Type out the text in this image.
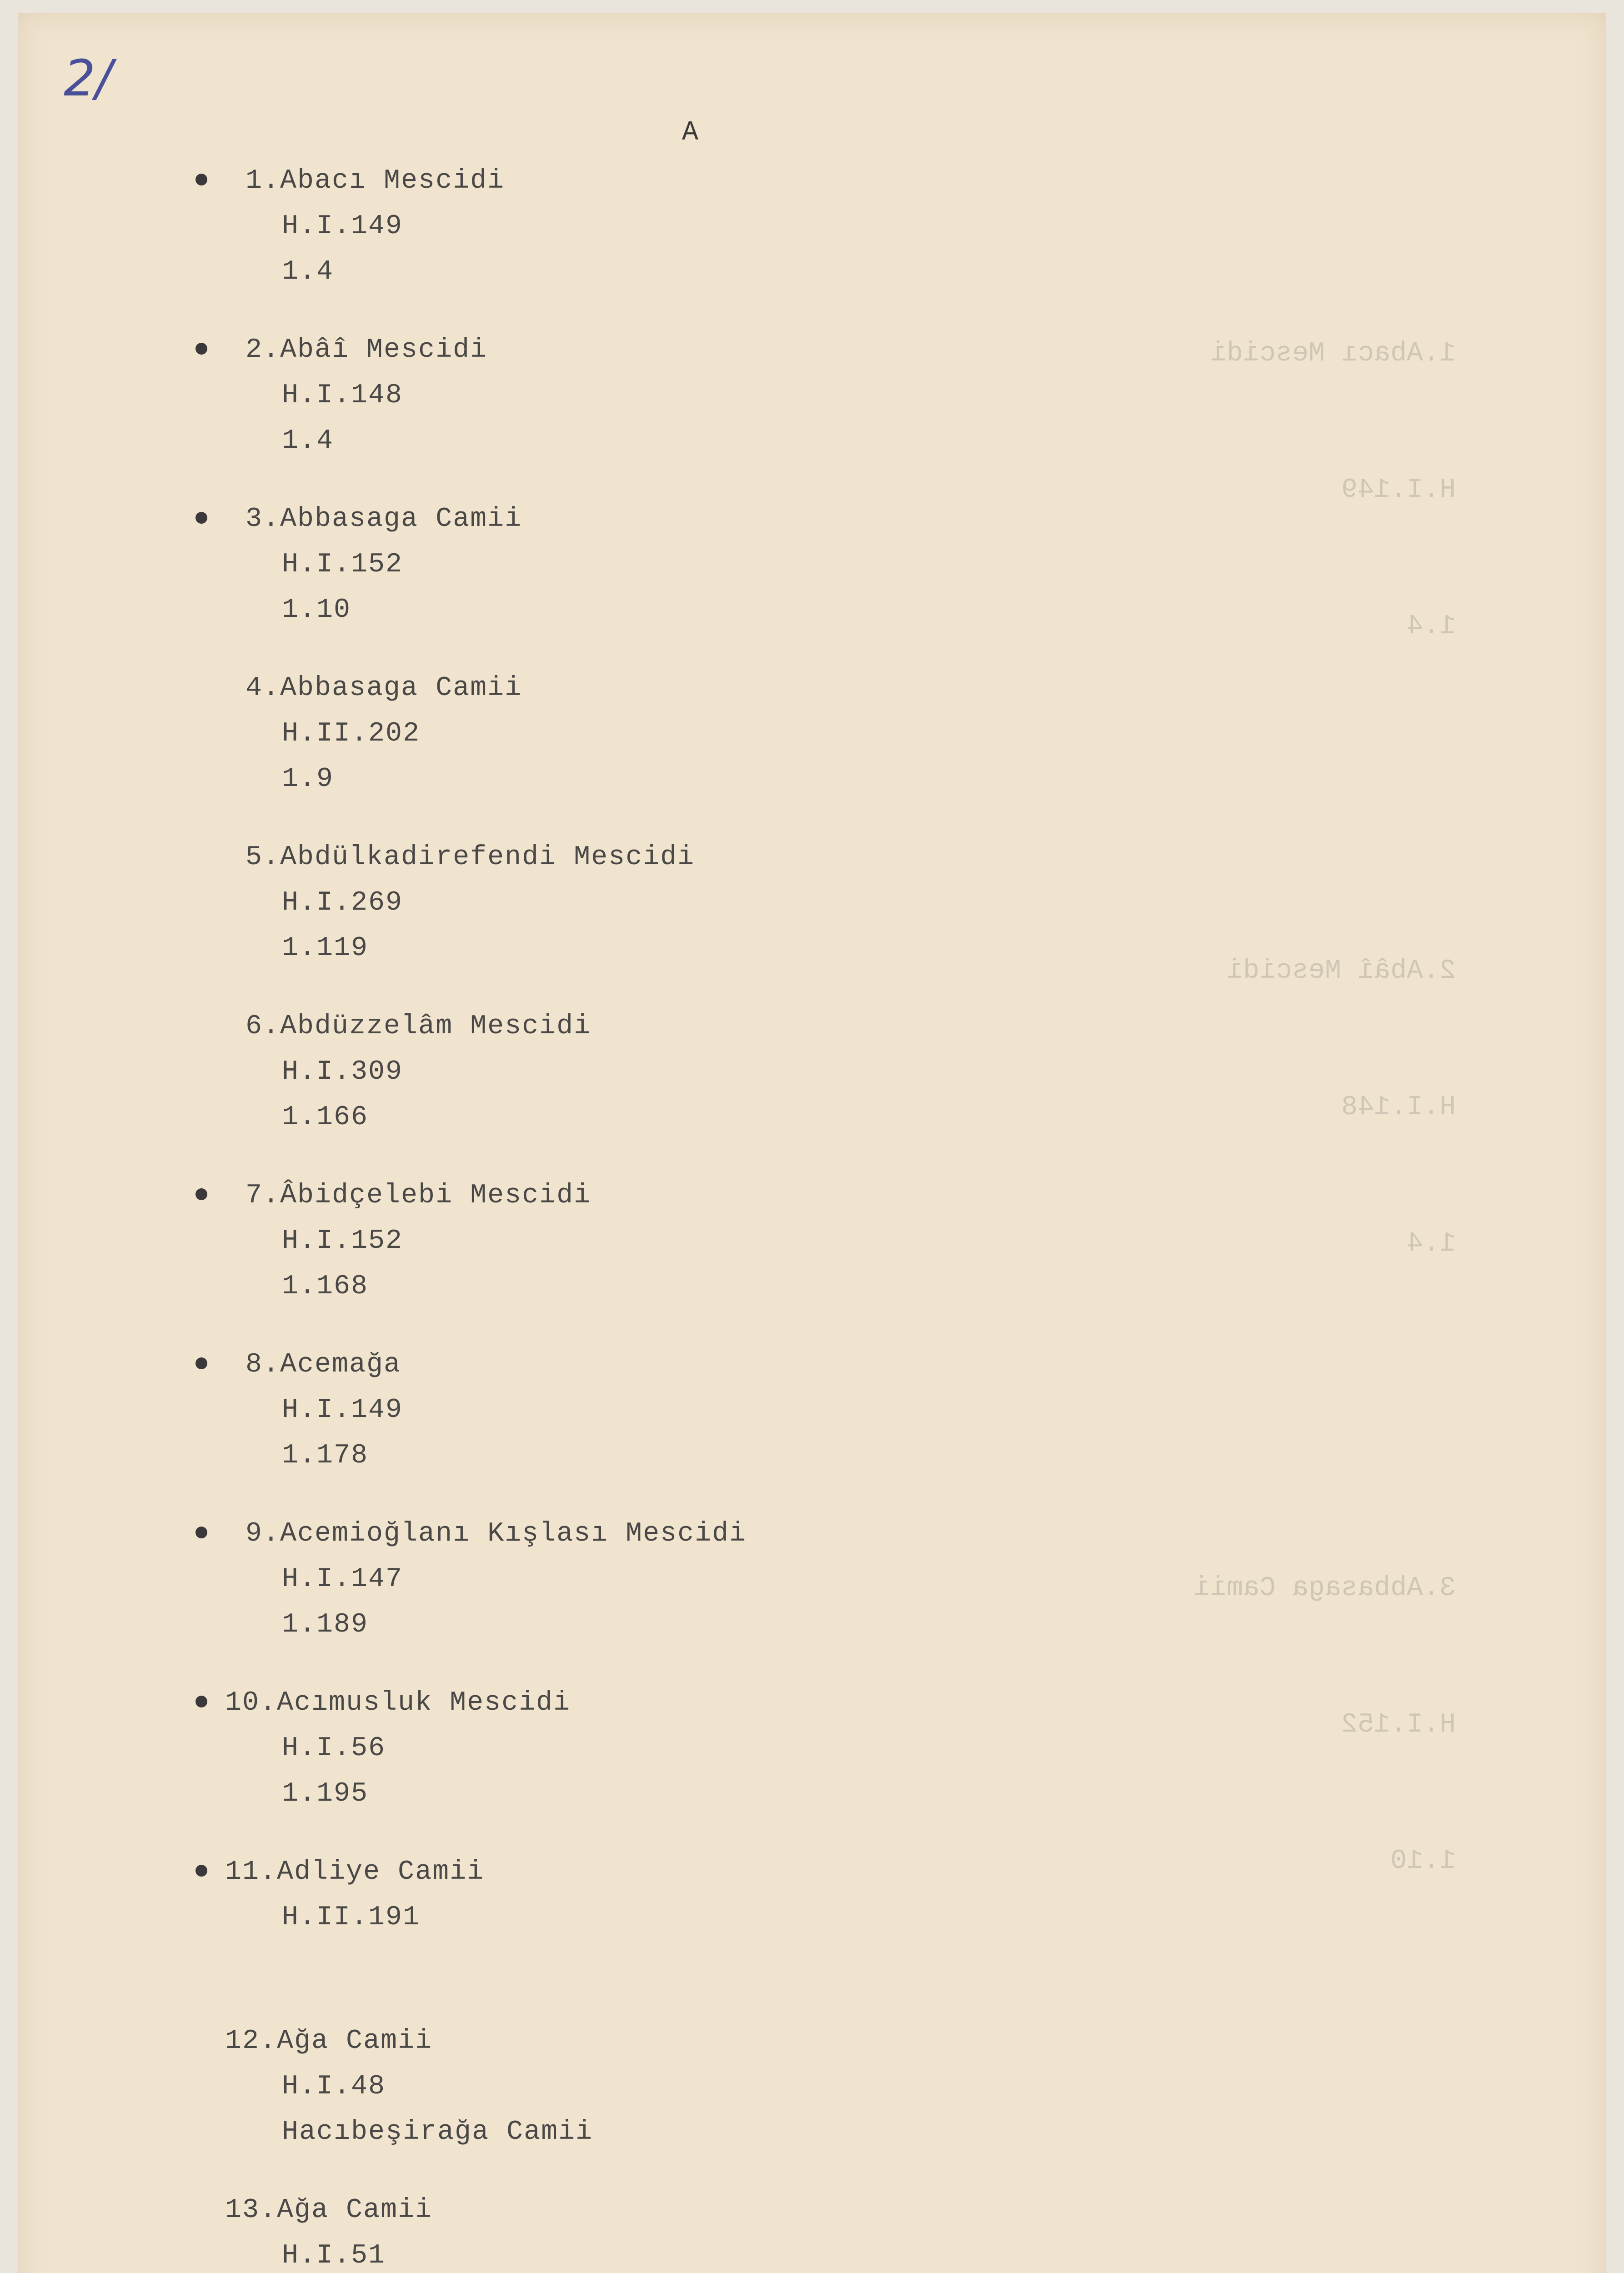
1.Abacı Mescidi

H.I.149

1.4

2.Abâî Mescidi

H.I.148

1.4

3.Abbasaga Camii

H.I.152

1.10

2/
A
1.Abacı Mescidi
H.I.149
1.4
2.Abâî Mescidi
H.I.148
1.4
3.Abbasaga Camii
H.I.152
1.10
4.Abbasaga Camii
H.II.202
1.9
5.Abdülkadirefendi Mescidi
H.I.269
1.119
6.Abdüzzelâm Mescidi
H.I.309
1.166
7.Âbidçelebi Mescidi
H.I.152
1.168
8.Acemağa
H.I.149
1.178
9.Acemioğlanı Kışlası Mescidi
H.I.147
1.189
10.Acımusluk Mescidi
H.I.56
1.195
11.Adliye Camii
H.II.191
12.Ağa Camii
H.I.48
Hacıbeşirağa Camii
13.Ağa Camii
H.I.51
